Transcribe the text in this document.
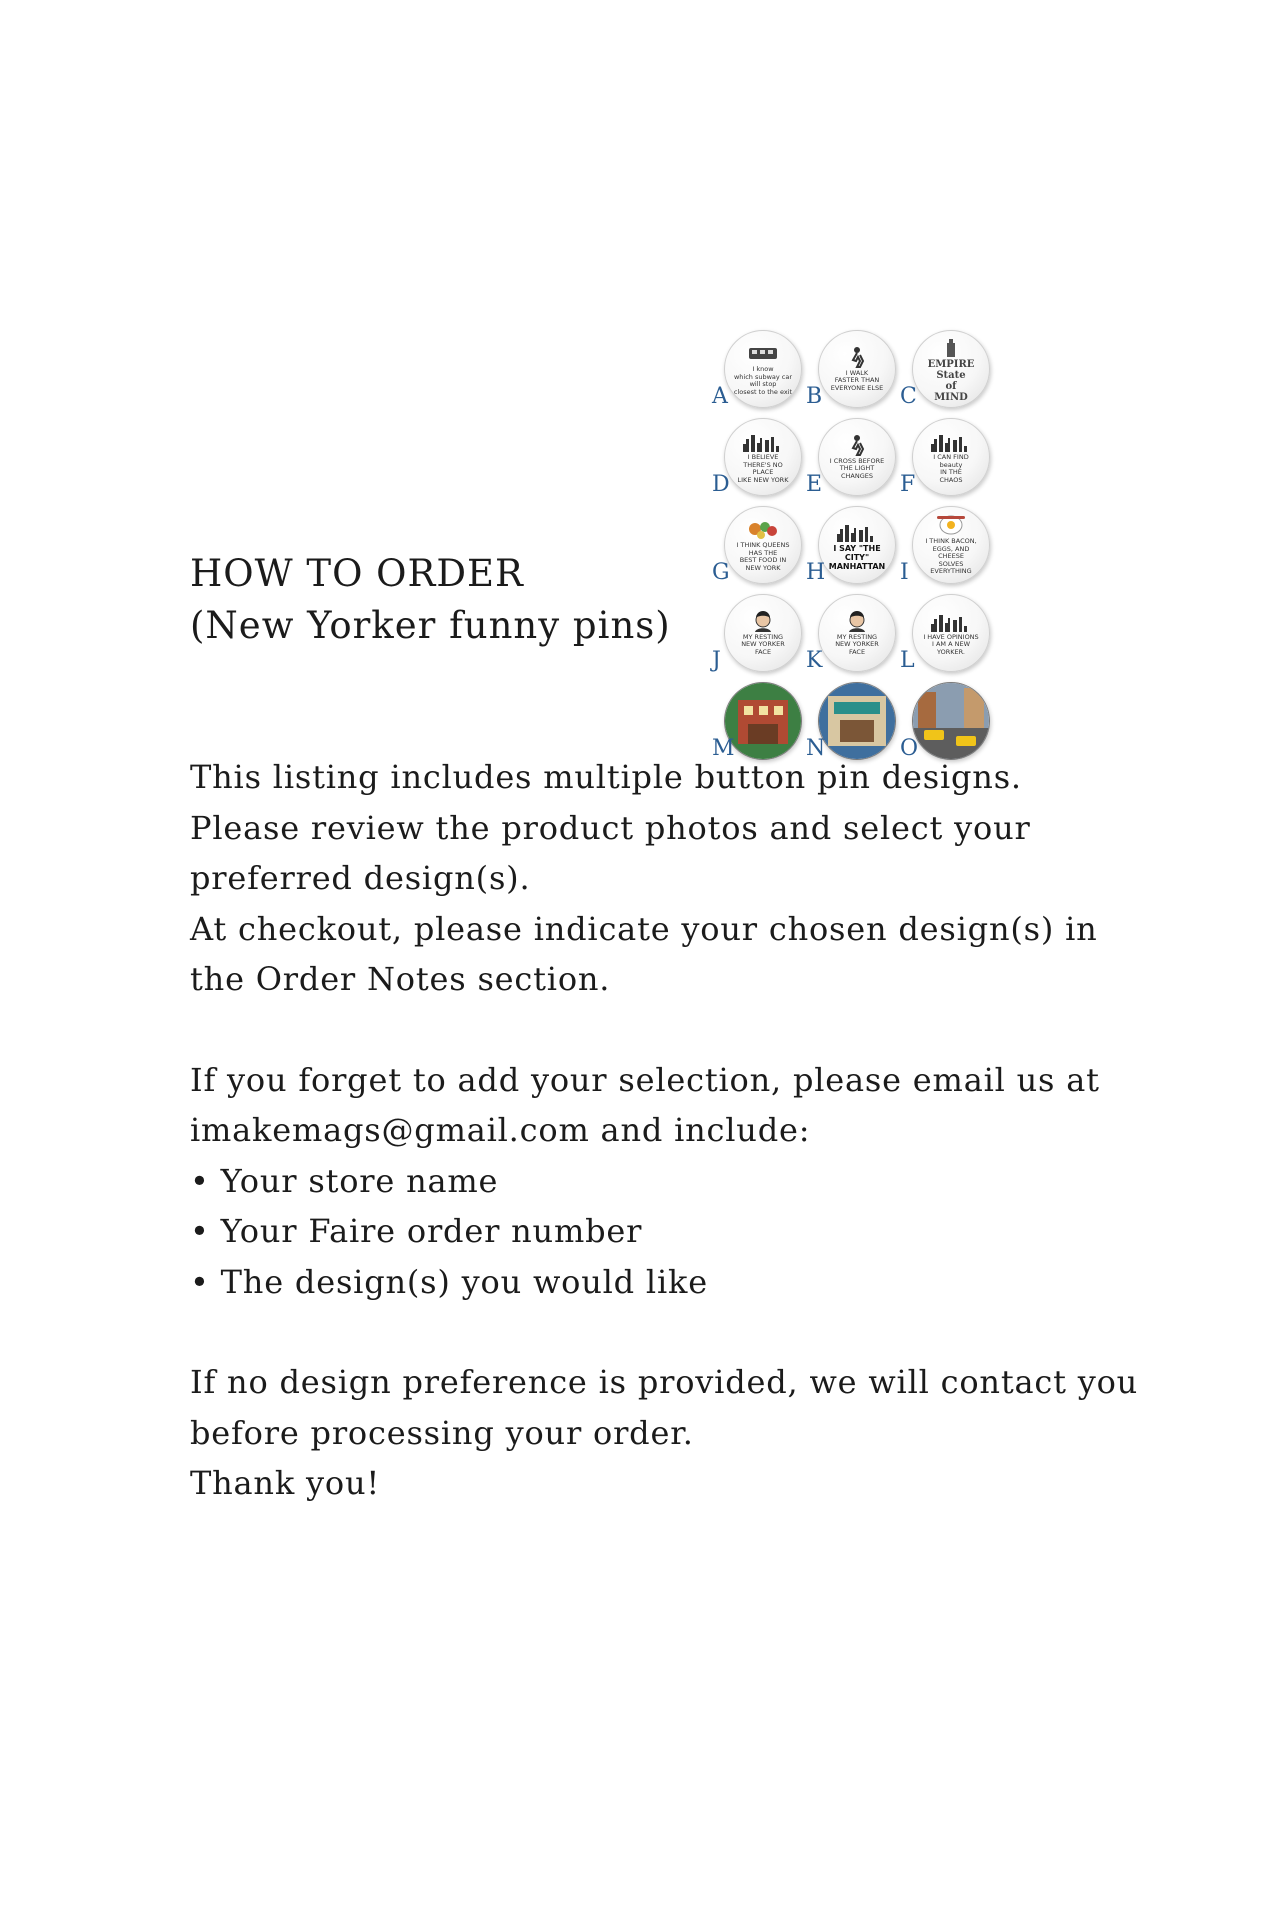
HOW TO ORDER
(New Yorker funny pins)
I know
which subway car
will stop
closest to the exit
A
I WALK
FASTER THAN
EVERYONE ELSE
B
EMPIRE
State
of
MIND
C
I BELIEVE
THERE'S NO PLACE
LIKE NEW YORK
D
I CROSS BEFORE
THE LIGHT CHANGES
E
I CAN FIND
beauty
IN THE
CHAOS
F
I THINK QUEENS HAS THE
BEST FOOD IN NEW YORK
G
I SAY "THE CITY"
MANHATTAN
H
I THINK BACON,
EGGS, AND CHEESE
SOLVES EVERYTHING
I
MY RESTING
NEW YORKER FACE
J
MY RESTING
NEW YORKER FACE
K
I HAVE OPINIONS
I AM A NEW YORKER.
L
M	N	O

This listing includes multiple button pin designs. Please review the product photos and select your preferred design(s).

At checkout, please indicate your chosen design(s) in the Order Notes section.

If you forget to add your selection, please email us at imakemags@gmail.com and include:

• Your store name
• Your Faire order number
• The design(s) you would like

If no design preference is provided, we will contact you before processing your order.

Thank you!
